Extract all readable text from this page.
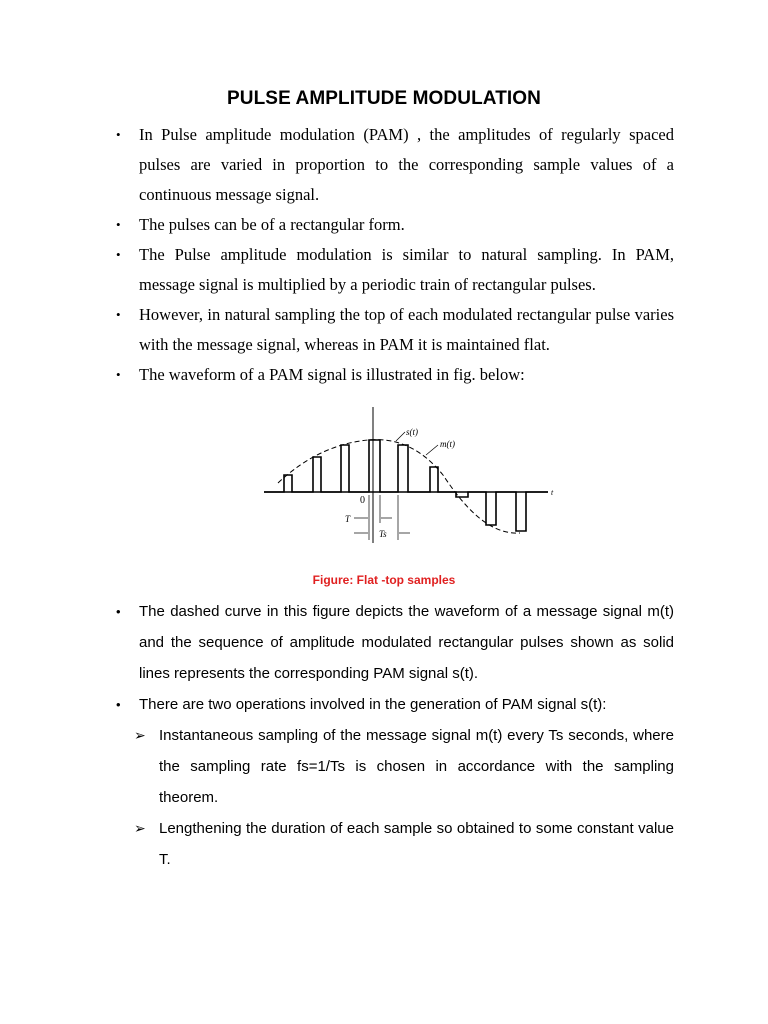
PULSE AMPLITUDE MODULATION
• In Pulse amplitude modulation (PAM) , the amplitudes of regularly spaced pulses are varied in proportion to the corresponding sample values of a continuous message signal.
• The pulses can be of a rectangular form.
• The Pulse amplitude modulation is similar to natural sampling. In PAM, message signal is multiplied by a periodic train of rectangular pulses.
• However, in natural sampling the top of each modulated rectangular pulse varies with the message signal, whereas in PAM it is maintained flat.
• The waveform of a PAM signal is illustrated in fig. below:
s(t)
m(t)
t
0
T
Ts
Figure: Flat -top samples
• The dashed curve in this figure depicts the waveform of a message signal m(t) and the sequence of amplitude modulated rectangular pulses shown as solid lines represents the corresponding PAM signal s(t).
• There are two operations involved in the generation of PAM signal s(t):
➢ Instantaneous sampling of the message signal m(t) every Ts seconds, where the sampling rate fs=1/Ts is chosen in accordance with the sampling theorem.
➢ Lengthening the duration of each sample so obtained to some constant value T.
